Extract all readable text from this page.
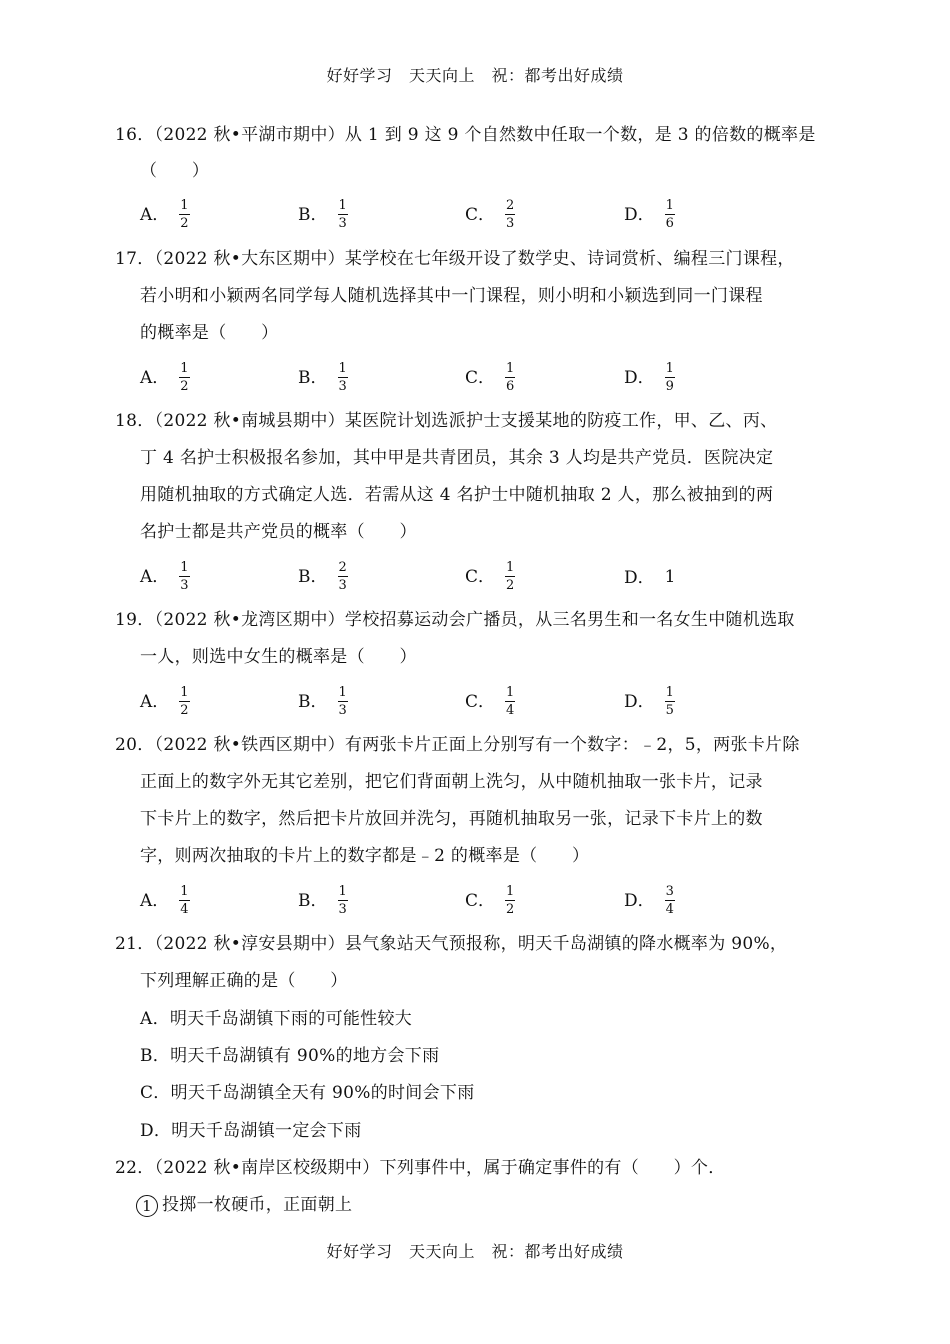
好好学习　天天向上　祝：都考出好成绩
16．（2022 秋•平湖市期中）从 1 到 9 这 9 个自然数中任取一个数，是 3 的倍数的概率是
（　　）
A． $\frac{1}{2}$	B． $\frac{1}{3}$	C． $\frac{2}{3}$	D． $\frac{1}{6}$
17．（2022 秋•大东区期中）某学校在七年级开设了数学史、诗词赏析、编程三门课程，
若小明和小颖两名同学每人随机选择其中一门课程，则小明和小颖选到同一门课程
的概率是（　　）
A． $\frac{1}{2}$	B． $\frac{1}{3}$	C． $\frac{1}{6}$	D． $\frac{1}{9}$
18．（2022 秋•南城县期中）某医院计划选派护士支援某地的防疫工作，甲、乙、丙、
丁 4 名护士积极报名参加，其中甲是共青团员，其余 3 人均是共产党员．医院决定
用随机抽取的方式确定人选．若需从这 4 名护士中随机抽取 2 人，那么被抽到的两
名护士都是共产党员的概率（　　）
A． $\frac{1}{3}$	B． $\frac{2}{3}$	C． $\frac{1}{2}$	D． 1
19．（2022 秋•龙湾区期中）学校招募运动会广播员，从三名男生和一名女生中随机选取
一人，则选中女生的概率是（　　）
A． $\frac{1}{2}$	B． $\frac{1}{3}$	C． $\frac{1}{4}$	D． $\frac{1}{5}$
20．（2022 秋•铁西区期中）有两张卡片正面上分别写有一个数字：﹣2，5，两张卡片除
正面上的数字外无其它差别，把它们背面朝上洗匀，从中随机抽取一张卡片，记录
下卡片上的数字，然后把卡片放回并洗匀，再随机抽取另一张，记录下卡片上的数
字，则两次抽取的卡片上的数字都是﹣2 的概率是（　　）
A． $\frac{1}{4}$	B． $\frac{1}{3}$	C． $\frac{1}{2}$	D． $\frac{3}{4}$
21．（2022 秋•淳安县期中）县气象站天气预报称，明天千岛湖镇的降水概率为 90%，
下列理解正确的是（　　）
A．明天千岛湖镇下雨的可能性较大
B．明天千岛湖镇有 90%的地方会下雨
C．明天千岛湖镇全天有 90%的时间会下雨
D．明天千岛湖镇一定会下雨
22．（2022 秋•南岸区校级期中）下列事件中，属于确定事件的有（　　）个．
1 投掷一枚硬币，正面朝上
好好学习　天天向上　祝：都考出好成绩
